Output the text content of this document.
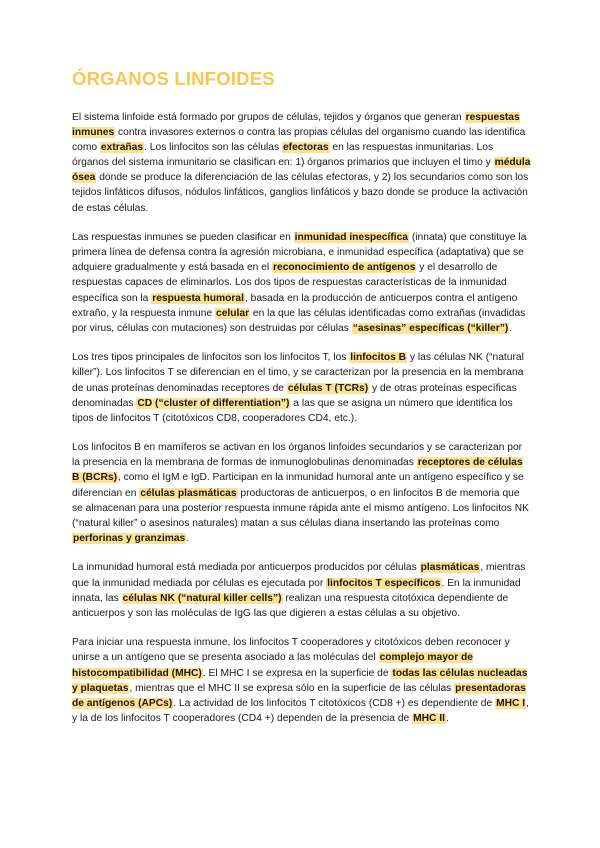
ÓRGANOS LINFOIDES

El sistema linfoide está formado por grupos de células, tejidos y órganos que generan respuestas inmunes contra invasores externos o contra las propias células del organismo cuando las identifica como extrañas. Los linfocitos son las células efectoras en las respuestas inmunitarias. Los órganos del sistema inmunitario se clasifican en: 1) órganos primarios que incluyen el timo y médula ósea donde se produce la diferenciación de las células efectoras, y 2) los secundarios como son los tejidos linfáticos difusos, nódulos linfáticos, ganglios linfáticos y bazo donde se produce la activación de estas células.

Las respuestas inmunes se pueden clasificar en inmunidad inespecífica (innata) que constituye la primera línea de defensa contra la agresión microbiana, e inmunidad específica (adaptativa) que se adquiere gradualmente y está basada en el reconocimiento de antígenos y el desarrollo de respuestas capaces de eliminarlos. Los dos tipos de respuestas características de la inmunidad específica son la respuesta humoral, basada en la producción de anticuerpos contra el antígeno extraño, y la respuesta inmune celular en la que las células identificadas como extrañas (invadidas por virus, células con mutaciones) son destruidas por células “asesinas” específicas (“killer”).

Los tres tipos principales de linfocitos son los linfocitos T, los linfocitos B y las células NK (“natural killer”). Los linfocitos T se diferencian en el timo, y se caracterizan por la presencia en la membrana de unas proteínas denominadas receptores de células T (TCRs) y de otras proteínas específicas denominadas CD (“cluster of differentiation”) a las que se asigna un número que identifica los tipos de linfocitos T (citotóxicos CD8, cooperadores CD4, etc.).

Los linfocitos B en mamíferos se activan en los órganos linfoides secundarios y se caracterizan por la presencia en la membrana de formas de inmunoglobulinas denominadas receptores de células B (BCRs), como el IgM e IgD. Participan en la inmunidad humoral ante un antígeno específico y se diferencian en células plasmáticas productoras de anticuerpos, o en linfocitos B de memoria que se almacenan para una posterior respuesta inmune rápida ante el mismo antígeno. Los linfocitos NK (“natural killer” o asesinos naturales) matan a sus células diana insertando las proteínas como perforinas y granzimas.

La inmunidad humoral está mediada por anticuerpos producidos por células plasmáticas, mientras que la inmunidad mediada por células es ejecutada por linfocitos T específicos. En la inmunidad innata, las células NK (“natural killer cells”) realizan una respuesta citotóxica dependiente de anticuerpos y son las moléculas de IgG las que digieren a estas células a su objetivo.

Para iniciar una respuesta inmune, los linfocitos T cooperadores y citotóxicos deben reconocer y unirse a un antígeno que se presenta asociado a las moléculas del complejo mayor de histocompatibilidad (MHC). El MHC I se expresa en la superficie de todas las células nucleadas y plaquetas, mientras que el MHC II se expresa sólo en la superficie de las células presentadoras de antígenos (APCs). La actividad de los linfocitos T citotóxicos (CD8 +) es dependiente de MHC I, y la de los linfocitos T cooperadores (CD4 +) dependen de la presencia de MHC II.
